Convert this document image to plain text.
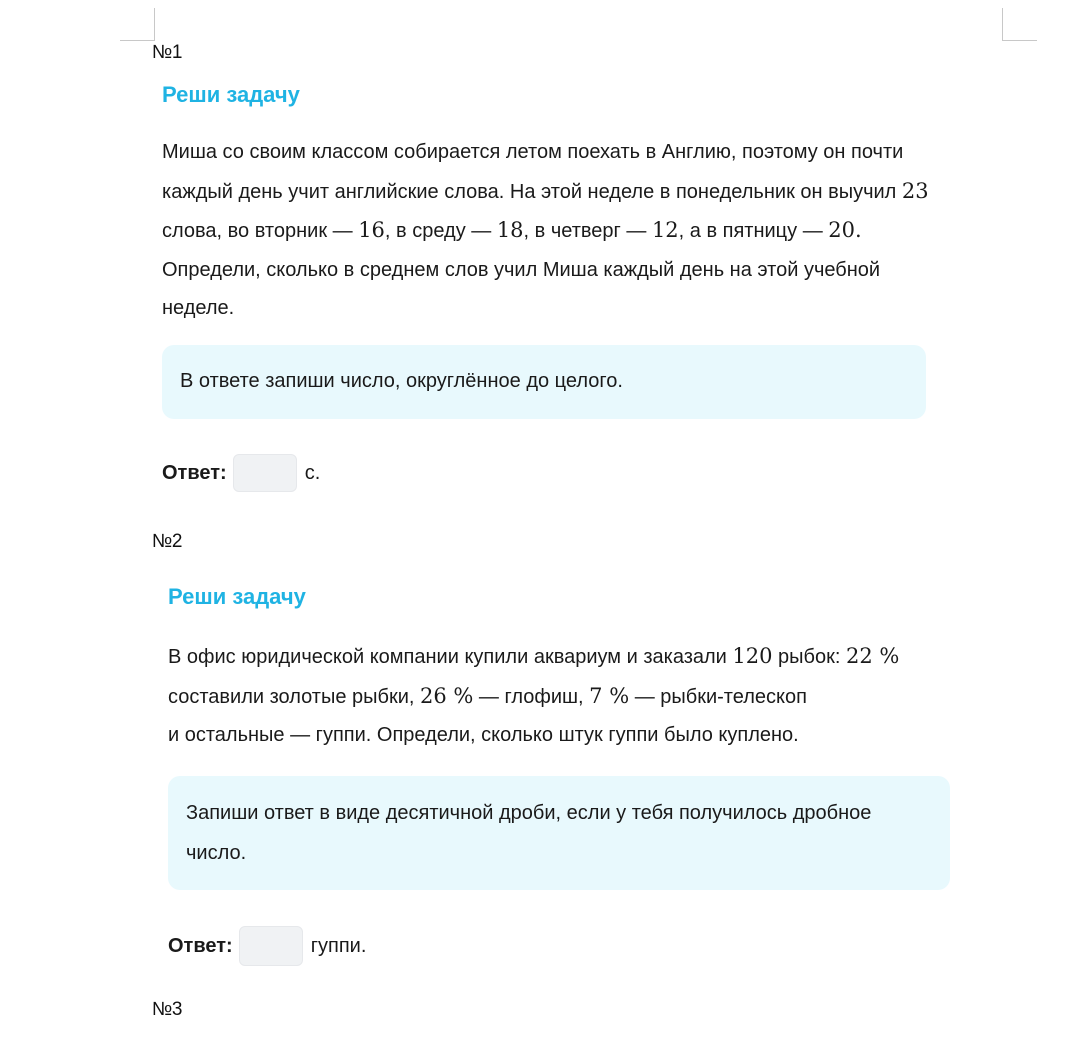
№1
Реши задачу
Миша со своим классом собирается летом поехать в Англию, поэтому он почти каждый день учит английские слова. На этой неделе в понедельник он выучил 23 слова, во вторник — 16, в среду — 18, в четверг — 12, а в пятницу — 20. Определи, сколько в среднем слов учил Миша каждый день на этой учебной неделе.
В ответе запиши число, округлённое до целого.
Ответ:	с.
№2
Реши задачу
В офис юридической компании купили аквариум и заказали 120 рыбок: 22 %
составили золотые рыбки, 26 % — глофиш, 7 % — рыбки-телескоп
и остальные — гуппи. Определи, сколько штук гуппи было куплено.
Запиши ответ в виде десятичной дроби, если у тебя получилось дробное число.
Ответ:	гуппи.
№3
